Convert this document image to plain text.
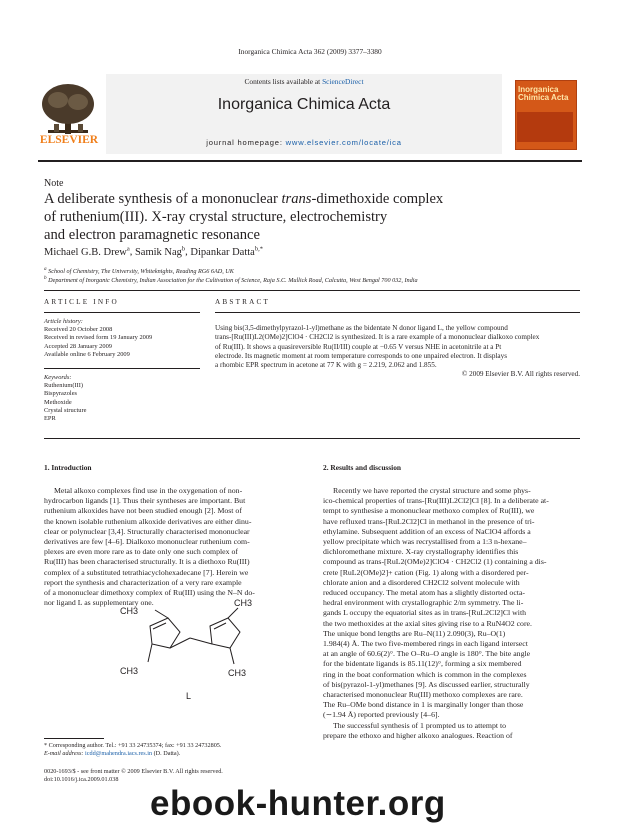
Inorganica Chimica Acta 362 (2009) 3377–3380
Contents lists available at ScienceDirect
Inorganica Chimica Acta
journal homepage: www.elsevier.com/locate/ica
ELSEVIER
Inorganica Chimica Acta
Note
A deliberate synthesis of a mononuclear trans-dimethoxide complex
of ruthenium(III). X-ray crystal structure, electrochemistry
and electron paramagnetic resonance
Michael G.B. Drew$^a$, Samik Nag$^b$, Dipankar Datta$^{b,*}$
$^a$ School of Chemistry, The University, Whiteknights, Reading RG6 6AD, UK
$^b$ Department of Inorganic Chemistry, Indian Association for the Cultivation of Science, Raja S.C. Mullick Road, Calcutta, West Bengal 700 032, India
ARTICLE INFO
Article history:
Received 20 October 2008
Received in revised form 19 January 2009
Accepted 28 January 2009
Available online 6 February 2009
Keywords:
Ruthenium(III)
Bispyrazoles
Methoxide
Crystal structure
EPR
ABSTRACT
Using bis(3,5-dimethylpyrazol-1-yl)methane as the bidentate N donor ligand L, the yellow compound
trans-[Ru(III)L2(OMe)2]ClO4 · CH2Cl2 is synthesized. It is a rare example of a mononuclear dialkoxo complex
of Ru(III). It shows a quasireversible Ru(II/III) couple at −0.65 V versus NHE in acetonitrile at a Pt
electrode. Its magnetic moment at room temperature corresponds to one unpaired electron. It displays
a rhombic EPR spectrum in acetone at 77 K with g = 2.219, 2.062 and 1.855.
© 2009 Elsevier B.V. All rights reserved.
1. Introduction
Metal alkoxo complexes find use in the oxygenation of non-
hydrocarbon ligands [1]. Thus their syntheses are important. But
ruthenium alkoxides have not been studied enough [2]. Most of
the known isolable ruthenium alkoxide derivatives are either dinu-
clear or polynuclear [3,4]. Structurally characterised mononuclear
derivatives are few [4–6]. Dialkoxo mononuclear ruthenium com-
plexes are even more rare as to date only one such complex of
Ru(III) has been characterised structurally. It is a diethoxo Ru(III)
complex of a substituted tetrathiacyclohexadecane [7]. Herein we
report the synthesis and characterization of a very rare example
of a mononuclear dimethoxy complex of Ru(III) using the N–N do-
nor ligand L as supplementary one.
CH3
CH3
CH3	CH3
L
2. Results and discussion
Recently we have reported the crystal structure and some phys-
ico-chemical properties of trans-[Ru(III)L2Cl2]Cl [8]. In a deliberate at-
tempt to synthesise a mononuclear methoxo complex of Ru(III), we
have refluxed trans-[RuL2Cl2]Cl in methanol in the presence of tri-
ethylamine. Subsequent addition of an excess of NaClO4 affords a
yellow precipitate which was recrystallised from a 1:3 n-hexane–
dichloromethane mixture. X-ray crystallography identifies this
compound as trans-[RuL2(OMe)2]ClO4 · CH2Cl2 (1) containing a dis-
crete [RuL2(OMe)2]+ cation (Fig. 1) along with a disordered per-
chlorate anion and a disordered CH2Cl2 solvent molecule with
reduced occupancy. The metal atom has a slightly distorted octa-
hedral environment with crystallographic 2/m symmetry. The li-
gands L occupy the equatorial sites as in trans-[RuL2Cl2]Cl with
the two methoxides at the axial sites giving rise to a RuN4O2 core.
The unique bond lengths are Ru–N(11) 2.090(3), Ru–O(1)
1.984(4) Å. The two five-membered rings in each ligand intersect
at an angle of 60.6(2)°. The O–Ru–O angle is 180°. The bite angle
for the bidentate ligands is 85.11(12)°, forming a six membered
ring in the boat conformation which is common in the complexes
of bis(pyrazol-1-yl)methanes [9]. As discussed earlier, structurally
characterised mononuclear Ru(III) methoxo complexes are rare.
The Ru–OMe bond distance in 1 is marginally longer than those
(∼1.94 Å) reported previously [4–6].
The successful synthesis of 1 prompted us to attempt to
prepare the ethoxo and higher alkoxo analogues. Reaction of
* Corresponding author. Tel.: +91 33 24735374; fax: +91 33 24732805.
E-mail address: icdd@mahendra.iacs.res.in (D. Datta).
0020-1693/$ - see front matter © 2009 Elsevier B.V. All rights reserved.
doi:10.1016/j.ica.2009.01.038
ebook-hunter.org
